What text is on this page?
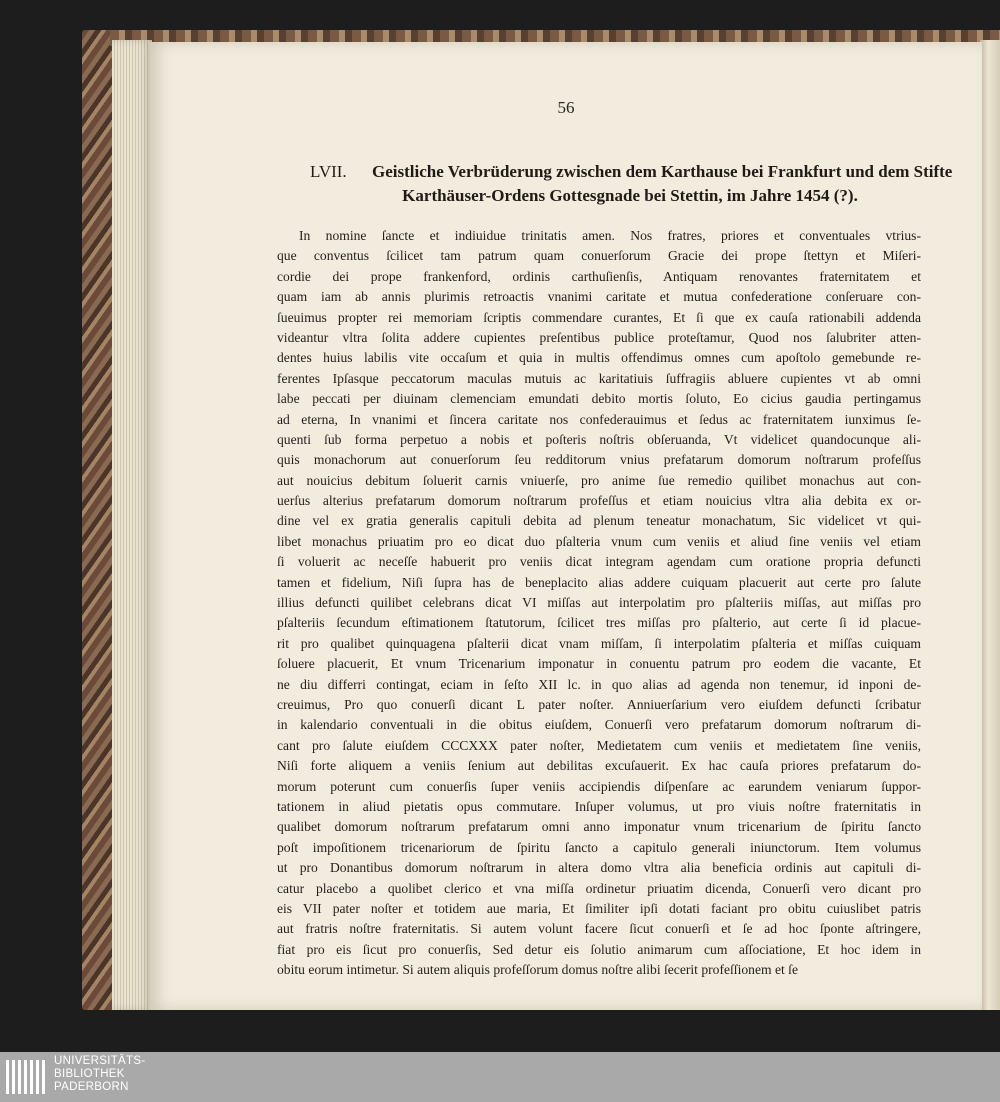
56
LVII. Geistliche Verbrüderung zwischen dem Karthause bei Frankfurt und dem Stifte
Karthäuser-Ordens Gottesgnade bei Stettin, im Jahre 1454 (?).
In nomine ſancte et indiuidue trinitatis amen. Nos fratres, priores et conventuales vtrius-
que conventus ſcilicet tam patrum quam conuerſorum Gracie dei prope ſtettyn et Miſeri-
cordie dei prope frankenford, ordinis carthuſienſis, Antiquam renovantes fraternitatem et
quam iam ab annis plurimis retroactis vnanimi caritate et mutua confederatione conſeruare con-
ſueuimus propter rei memoriam ſcriptis commendare curantes, Et ſi que ex cauſa rationabili addenda
videantur vltra ſolita addere cupientes preſentibus publice proteſtamur, Quod nos ſalubriter atten-
dentes huius labilis vite occaſum et quia in multis offendimus omnes cum apoſtolo gemebunde re-
ferentes Ipſasque peccatorum maculas mutuis ac karitatiuis ſuffragiis abluere cupientes vt ab omni
labe peccati per diuinam clemenciam emundati debito mortis ſoluto, Eo cicius gaudia pertingamus
ad eterna, In vnanimi et ſincera caritate nos confederauimus et ſedus ac fraternitatem iunximus ſe-
quenti ſub forma perpetuo a nobis et poſteris noſtris obſeruanda, Vt videlicet quandocunque ali-
quis monachorum aut conuerſorum ſeu redditorum vnius prefatarum domorum noſtrarum profeſſus
aut nouicius debitum ſoluerit carnis vniuerſe, pro anime ſue remedio quilibet monachus aut con-
uerſus alterius prefatarum domorum noſtrarum profeſſus et etiam nouicius vltra alia debita ex or-
dine vel ex gratia generalis capituli debita ad plenum teneatur monachatum, Sic videlicet vt qui-
libet monachus priuatim pro eo dicat duo pſalteria vnum cum veniis et aliud ſine veniis vel etiam
ſi voluerit ac neceſſe habuerit pro veniis dicat integram agendam cum oratione propria defuncti
tamen et fidelium, Niſi ſupra has de beneplacito alias addere cuiquam placuerit aut certe pro ſalute
illius defuncti quilibet celebrans dicat VI miſſas aut interpolatim pro pſalteriis miſſas, aut miſſas pro
pſalteriis ſecundum eſtimationem ſtatutorum, ſcilicet tres miſſas pro pſalterio, aut certe ſi id placue-
rit pro qualibet quinquagena pſalterii dicat vnam miſſam, ſi interpolatim pſalteria et miſſas cuiquam
ſoluere placuerit, Et vnum Tricenarium imponatur in conuentu patrum pro eodem die vacante, Et
ne diu differri contingat, eciam in ſeſto XII lc. in quo alias ad agenda non tenemur, id inponi de-
creuimus, Pro quo conuerſi dicant L pater noſter. Anniuerſarium vero eiuſdem defuncti ſcribatur
in kalendario conventuali in die obitus eiuſdem, Conuerſi vero prefatarum domorum noſtrarum di-
cant pro ſalute eiuſdem CCCXXX pater noſter, Medietatem cum veniis et medietatem ſine veniis,
Niſi forte aliquem a veniis ſenium aut debilitas excuſauerit. Ex hac cauſa priores prefatarum do-
morum poterunt cum conuerſis ſuper veniis accipiendis diſpenſare ac earundem veniarum ſuppor-
tationem in aliud pietatis opus commutare. Inſuper volumus, ut pro viuis noſtre fraternitatis in
qualibet domorum noſtrarum prefatarum omni anno imponatur vnum tricenarium de ſpiritu ſancto
poſt impoſitionem tricenariorum de ſpiritu ſancto a capitulo generali iniunctorum. Item volumus
ut pro Donantibus domorum noſtrarum in altera domo vltra alia beneficia ordinis aut capituli di-
catur placebo a quolibet clerico et vna miſſa ordinetur priuatim dicenda, Conuerſi vero dicant pro
eis VII pater noſter et totidem aue maria, Et ſimiliter ipſi dotati faciant pro obitu cuiuslibet patris
aut fratris noſtre fraternitatis. Si autem volunt facere ſicut conuerſi et ſe ad hoc ſponte aſtringere,
fiat pro eis ſicut pro conuerſis, Sed detur eis ſolutio animarum cum aſſociatione, Et hoc idem in
obitu eorum intimetur. Si autem aliquis profeſſorum domus noſtre alibi ſecerit profeſſionem et ſe
UNIVERSITÄTS-
BIBLIOTHEK
PADERBORN
